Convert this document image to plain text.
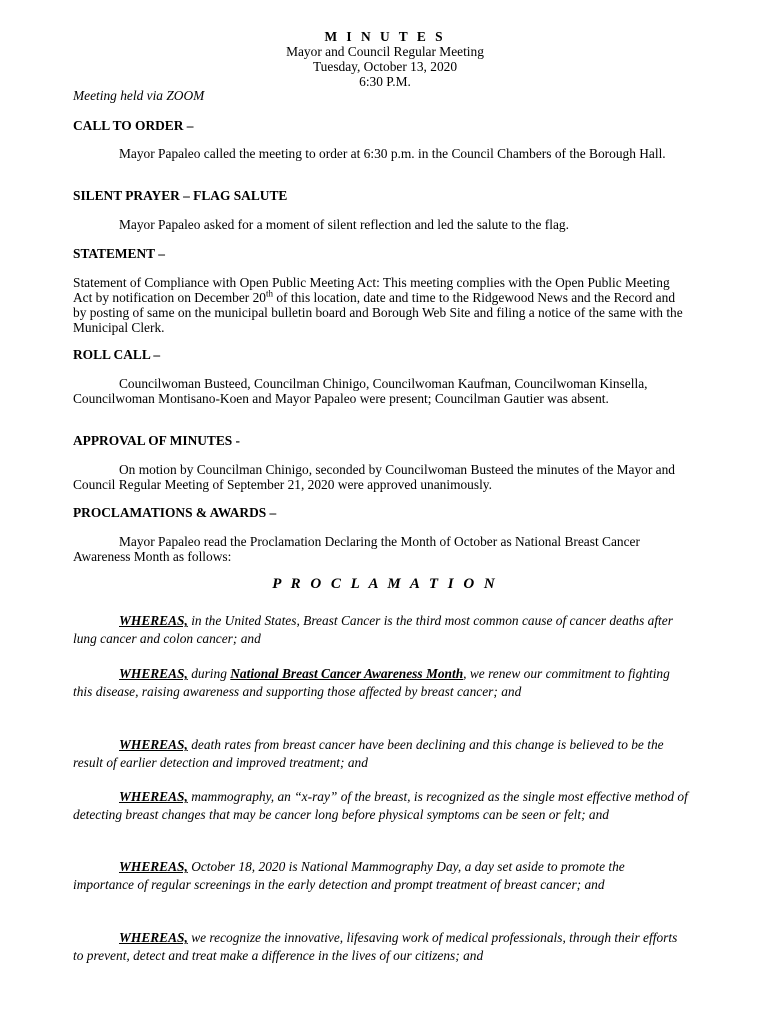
M I N U T E S
Mayor and Council Regular Meeting
Tuesday, October 13, 2020
6:30 P.M.
Meeting held via ZOOM
CALL TO ORDER –
Mayor Papaleo called the meeting to order at 6:30 p.m. in the Council Chambers of the Borough Hall.
SILENT PRAYER – FLAG SALUTE
Mayor Papaleo asked for a moment of silent reflection and led the salute to the flag.
STATEMENT –
Statement of Compliance with Open Public Meeting Act: This meeting complies with the Open Public Meeting Act by notification on December 20th of this location, date and time to the Ridgewood News and the Record and by posting of same on the municipal bulletin board and Borough Web Site and filing a notice of the same with the Municipal Clerk.
ROLL CALL –
Councilwoman Busteed, Councilman Chinigo, Councilwoman Kaufman, Councilwoman Kinsella, Councilwoman Montisano-Koen and Mayor Papaleo were present; Councilman Gautier was absent.
APPROVAL OF MINUTES -
On motion by Councilman Chinigo, seconded by Councilwoman Busteed the minutes of the Mayor and Council Regular Meeting of September 21, 2020 were approved unanimously.
PROCLAMATIONS & AWARDS –
Mayor Papaleo read the Proclamation Declaring the Month of October as National Breast Cancer Awareness Month as follows:
P R O C L A M A T I O N
WHEREAS, in the United States, Breast Cancer is the third most common cause of cancer deaths after lung cancer and colon cancer; and
WHEREAS, during National Breast Cancer Awareness Month, we renew our commitment to fighting this disease, raising awareness and supporting those affected by breast cancer; and
WHEREAS, death rates from breast cancer have been declining and this change is believed to be the result of earlier detection and improved treatment; and
WHEREAS, mammography, an “x-ray” of the breast, is recognized as the single most effective method of detecting breast changes that may be cancer long before physical symptoms can be seen or felt; and
WHEREAS, October 18, 2020 is National Mammography Day, a day set aside to promote the importance of regular screenings in the early detection and prompt treatment of breast cancer; and
WHEREAS, we recognize the innovative, lifesaving work of medical professionals, through their efforts to prevent, detect and treat make a difference in the lives of our citizens; and
